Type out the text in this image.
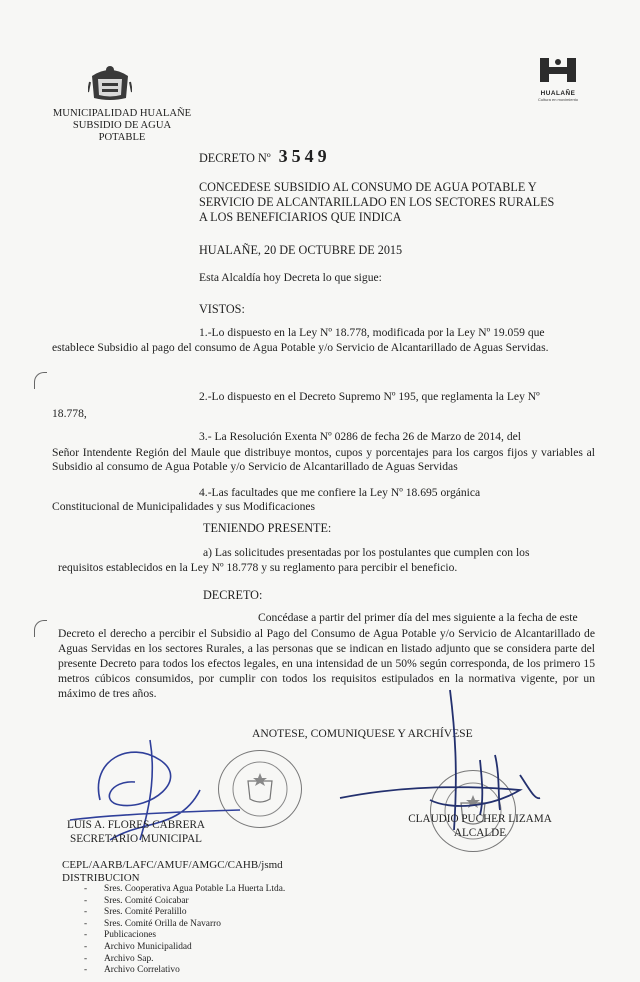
MUNICIPALIDAD HUALAÑE
SUBSIDIO DE AGUA POTABLE
HUALAÑE
Cultura en movimiento
DECRETO Nº 3549
CONCEDESE SUBSIDIO AL CONSUMO DE AGUA POTABLE Y
SERVICIO DE ALCANTARILLADO EN LOS SECTORES RURALES
A LOS BENEFICIARIOS QUE INDICA
HUALAÑE, 20 DE OCTUBRE DE 2015
Esta Alcaldía hoy Decreta lo que sigue:
VISTOS:
1.-Lo dispuesto en la Ley Nº 18.778, modificada por la Ley Nº 19.059 que
establece Subsidio al pago del consumo de Agua Potable y/o Servicio de Alcantarillado de Aguas Servidas.
2.-Lo dispuesto en el Decreto Supremo Nº 195, que reglamenta la Ley Nº
18.778,
3.- La Resolución Exenta Nº 0286 de fecha 26 de Marzo de 2014, del
Señor Intendente Región del Maule que distribuye montos, cupos y porcentajes para los cargos fijos y variables al Subsidio al consumo de Agua Potable y/o Servicio de Alcantarillado de Aguas Servidas
4.-Las facultades que me confiere la Ley Nº 18.695 orgánica
Constitucional de Municipalidades y sus Modificaciones
TENIENDO PRESENTE:
a) Las solicitudes presentadas por los postulantes que cumplen con los
requisitos establecidos en la Ley Nº 18.778 y su reglamento para percibir el beneficio.
DECRETO:
Concédase a partir del primer día del mes siguiente a la fecha de este
Decreto el derecho a percibir el Subsidio al Pago del Consumo de Agua Potable y/o Servicio de Alcantarillado de Aguas Servidas en los sectores Rurales, a las personas que se indican en listado adjunto que se considera parte del presente Decreto para todos los efectos legales, en una intensidad de un 50% según corresponda, de los primero 15 metros cúbicos consumidos, por cumplir con todos los requisitos estipulados en la normativa vigente, por un máximo de tres años.
ANOTESE, COMUNIQUESE Y ARCHÍVESE
LUIS A. FLORES CABRERA
SECRETARIO MUNICIPAL
CLAUDIO PUCHER LIZAMA
ALCALDE
CEPL/AARB/LAFC/AMUF/AMGC/CAHB/jsmd
DISTRIBUCION
- Sres. Cooperativa Agua Potable La Huerta Ltda.
- Sres. Comité Coicabar
- Sres. Comité Peralillo
- Sres. Comité Orilla de Navarro
- Publicaciones
- Archivo Municipalidad
- Archivo Sap.
- Archivo Correlativo
